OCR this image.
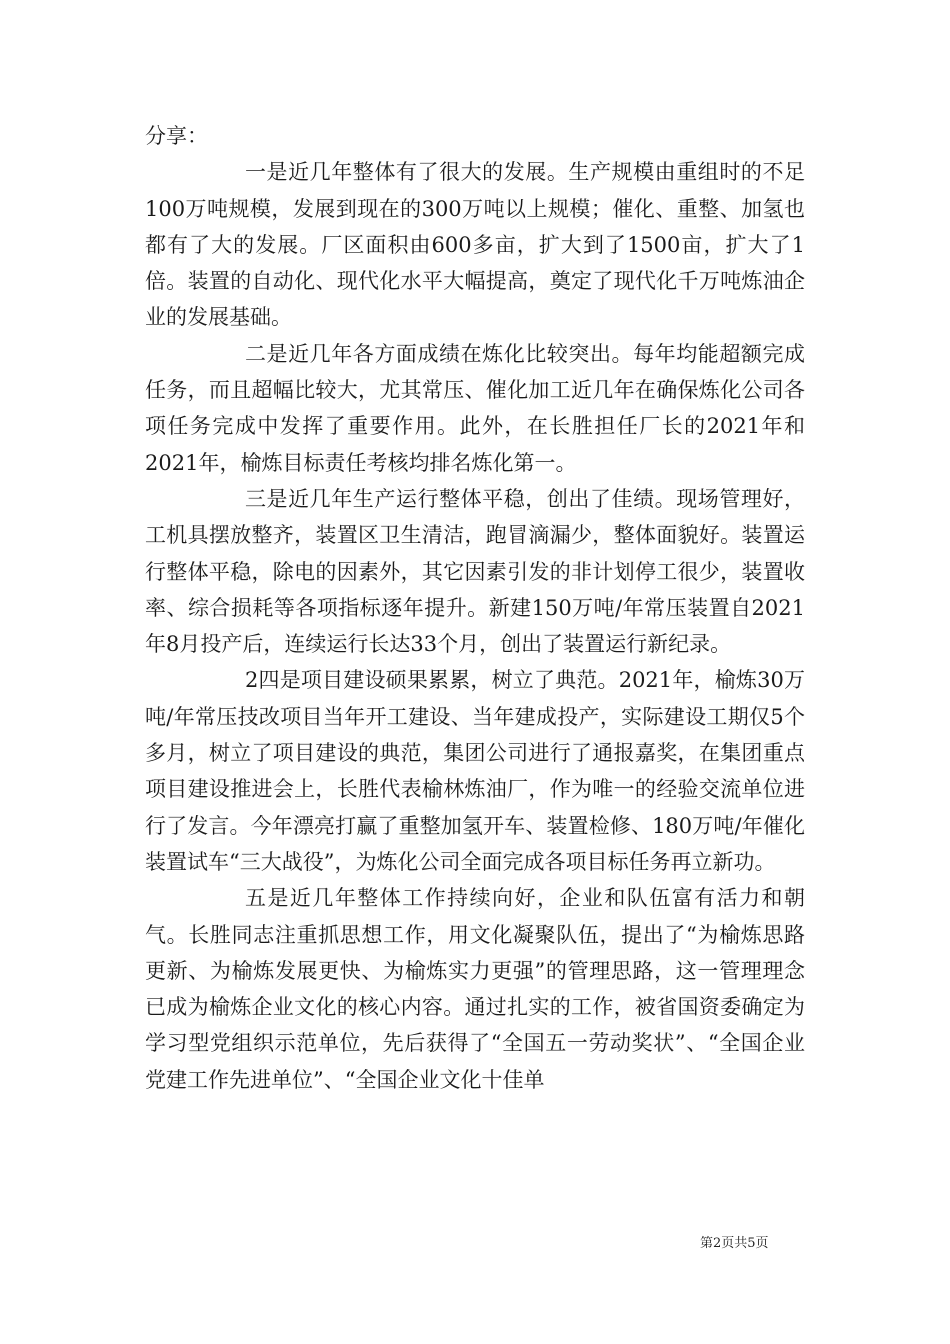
分享：

一是近几年整体有了很大的发展。生产规模由重组时的不足100万吨规模，发展到现在的300万吨以上规模；催化、重整、加氢也都有了大的发展。厂区面积由600多亩，扩大到了1500亩，扩大了1倍。装置的自动化、现代化水平大幅提高，奠定了现代化千万吨炼油企业的发展基础。

二是近几年各方面成绩在炼化比较突出。每年均能超额完成任务，而且超幅比较大，尤其常压、催化加工近几年在确保炼化公司各项任务完成中发挥了重要作用。此外，在长胜担任厂长的2021年和2021年，榆炼目标责任考核均排名炼化第一。

三是近几年生产运行整体平稳，创出了佳绩。现场管理好，工机具摆放整齐，装置区卫生清洁，跑冒滴漏少，整体面貌好。装置运行整体平稳，除电的因素外，其它因素引发的非计划停工很少，装置收率、综合损耗等各项指标逐年提升。新建150万吨/年常压装置自2021年8月投产后，连续运行长达33个月，创出了装置运行新纪录。

2四是项目建设硕果累累，树立了典范。2021年，榆炼30万吨/年常压技改项目当年开工建设、当年建成投产，实际建设工期仅5个多月，树立了项目建设的典范，集团公司进行了通报嘉奖，在集团重点项目建设推进会上，长胜代表榆林炼油厂，作为唯一的经验交流单位进行了发言。今年漂亮打赢了重整加氢开车、装置检修、180万吨/年催化装置试车“三大战役”，为炼化公司全面完成各项目标任务再立新功。

五是近几年整体工作持续向好，企业和队伍富有活力和朝气。长胜同志注重抓思想工作，用文化凝聚队伍，提出了“为榆炼思路更新、为榆炼发展更快、为榆炼实力更强”的管理思路，这一管理理念已成为榆炼企业文化的核心内容。通过扎实的工作，被省国资委确定为学习型党组织示范单位，先后获得了“全国五一劳动奖状”、“全国企业党建工作先进单位”、“全国企业文化十佳单

第2页共5页
